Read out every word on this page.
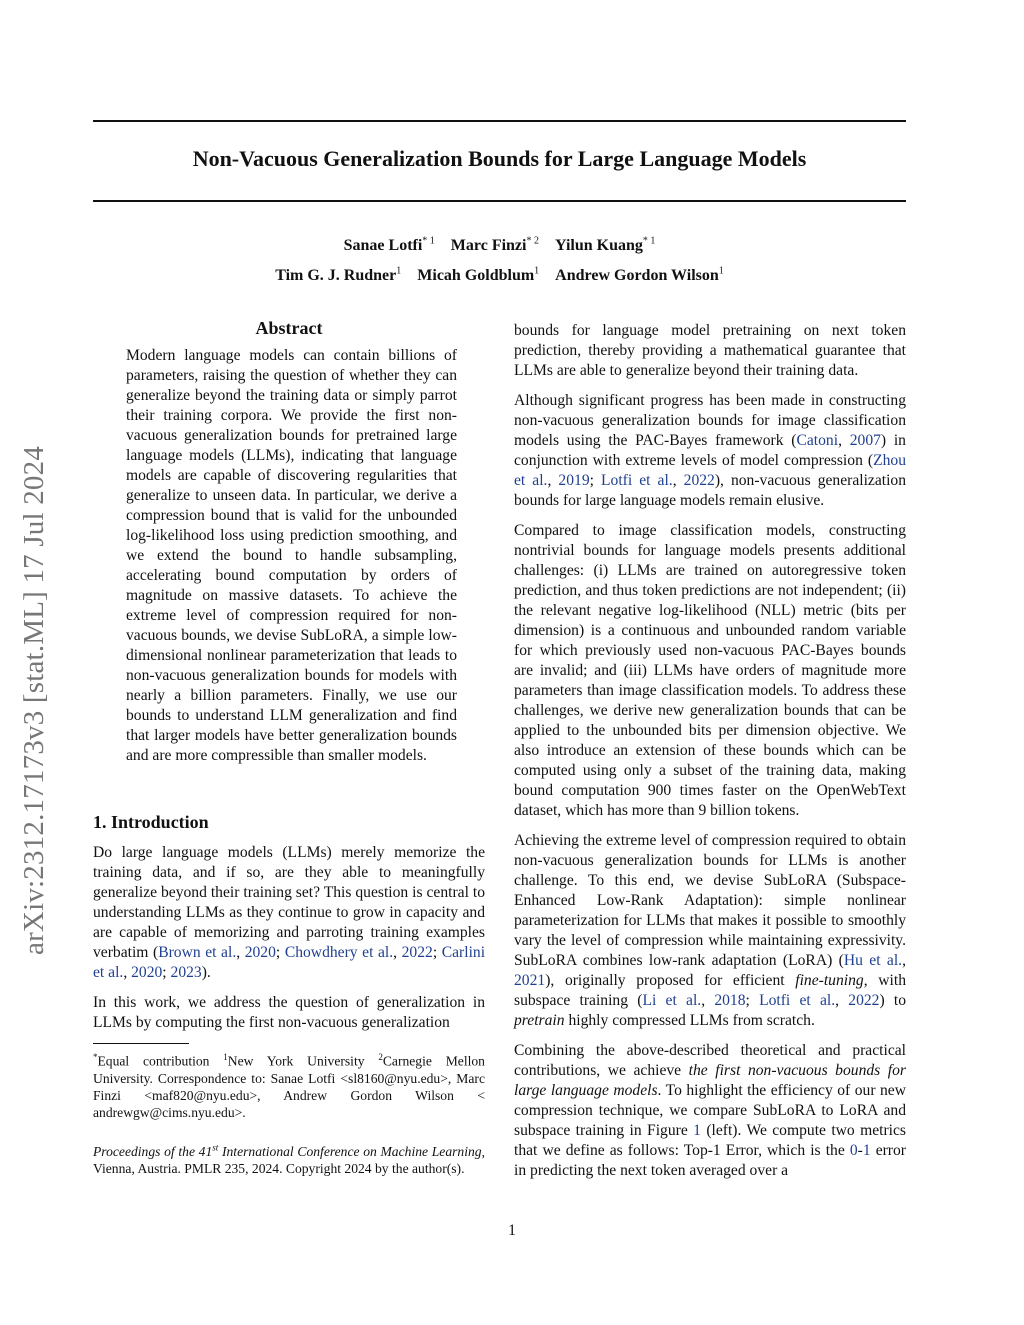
Non-Vacuous Generalization Bounds for Large Language Models
Sanae Lotfi$^{* 1}$ Marc Finzi$^{* 2}$ Yilun Kuang$^{* 1}$
Tim G. J. Rudner$^1$ Micah Goldblum$^1$ Andrew Gordon Wilson$^1$
arXiv:2312.17173v3 [stat.ML] 17 Jul 2024
Abstract

Modern language models can contain billions of parameters, raising the question of whether they can generalize beyond the training data or simply parrot their training corpora. We provide the first non-vacuous generalization bounds for pretrained large language models (LLMs), indicating that language models are capable of discovering regularities that generalize to unseen data. In particular, we derive a compression bound that is valid for the unbounded log-likelihood loss using prediction smoothing, and we extend the bound to handle subsampling, accelerating bound computation by orders of magnitude on massive datasets. To achieve the extreme level of compression required for non-vacuous bounds, we devise SubLoRA, a simple low-dimensional nonlinear parameterization that leads to non-vacuous generalization bounds for models with nearly a billion parameters. Finally, we use our bounds to understand LLM generalization and find that larger models have better generalization bounds and are more compressible than smaller models.

1. Introduction

Do large language models (LLMs) merely memorize the training data, and if so, are they able to meaningfully generalize beyond their training set? This question is central to understanding LLMs as they continue to grow in capacity and are capable of memorizing and parroting training examples verbatim (Brown et al., 2020; Chowdhery et al., 2022; Carlini et al., 2020; 2023).

In this work, we address the question of generalization in LLMs by computing the first non-vacuous generalization

*Equal contribution $^1$New York University $^2$Carnegie Mellon University. Correspondence to: Sanae Lotfi <sl8160@nyu.edu>, Marc Finzi <maf820@nyu.edu>, Andrew Gordon Wilson < andrewgw@cims.nyu.edu>.

Proceedings of the 41st International Conference on Machine Learning, Vienna, Austria. PMLR 235, 2024. Copyright 2024 by the author(s).

bounds for language model pretraining on next token prediction, thereby providing a mathematical guarantee that LLMs are able to generalize beyond their training data.

Although significant progress has been made in constructing non-vacuous generalization bounds for image classification models using the PAC-Bayes framework (Catoni, 2007) in conjunction with extreme levels of model compression (Zhou et al., 2019; Lotfi et al., 2022), non-vacuous generalization bounds for large language models remain elusive.

Compared to image classification models, constructing nontrivial bounds for language models presents additional challenges: (i) LLMs are trained on autoregressive token prediction, and thus token predictions are not independent; (ii) the relevant negative log-likelihood (NLL) metric (bits per dimension) is a continuous and unbounded random variable for which previously used non-vacuous PAC-Bayes bounds are invalid; and (iii) LLMs have orders of magnitude more parameters than image classification models. To address these challenges, we derive new generalization bounds that can be applied to the unbounded bits per dimension objective. We also introduce an extension of these bounds which can be computed using only a subset of the training data, making bound computation 900 times faster on the OpenWebText dataset, which has more than 9 billion tokens.

Achieving the extreme level of compression required to obtain non-vacuous generalization bounds for LLMs is another challenge. To this end, we devise SubLoRA (Subspace-Enhanced Low-Rank Adaptation): simple nonlinear parameterization for LLMs that makes it possible to smoothly vary the level of compression while maintaining expressivity. SubLoRA combines low-rank adaptation (LoRA) (Hu et al., 2021), originally proposed for efficient fine-tuning, with subspace training (Li et al., 2018; Lotfi et al., 2022) to pretrain highly compressed LLMs from scratch.

Combining the above-described theoretical and practical contributions, we achieve the first non-vacuous bounds for large language models. To highlight the efficiency of our new compression technique, we compare SubLoRA to LoRA and subspace training in Figure 1 (left). We compute two metrics that we define as follows: Top-1 Error, which is the 0-1 error in predicting the next token averaged over a

1
